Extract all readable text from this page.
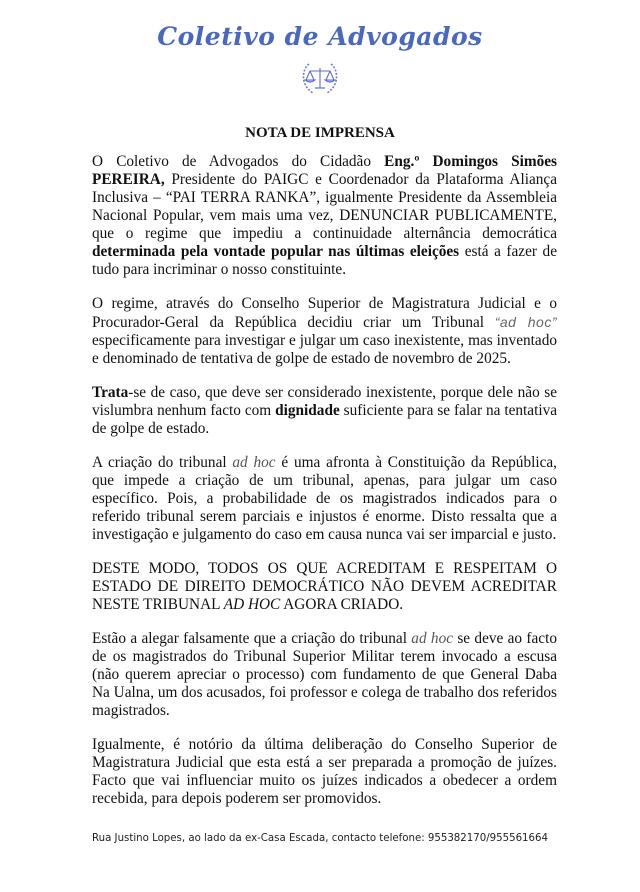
Coletivo de Advogados
NOTA DE IMPRENSA

O Coletivo de Advogados do Cidadão Eng.º Domingos Simões PEREIRA, Presidente do PAIGC e Coordenador da Plataforma Aliança Inclusiva – “PAI TERRA RANKA”, igualmente Presidente da Assembleia Nacional Popular, vem mais uma vez, DENUNCIAR PUBLICAMENTE, que o regime que impediu a continuidade alternância democrática determinada pela vontade popular nas últimas eleições está a fazer de tudo para incriminar o nosso constituinte.

O regime, através do Conselho Superior de Magistratura Judicial e o Procurador-Geral da República decidiu criar um Tribunal “ad hoc” especificamente para investigar e julgar um caso inexistente, mas inventado e denominado de tentativa de golpe de estado de novembro de 2025.

Trata-se de caso, que deve ser considerado inexistente, porque dele não se vislumbra nenhum facto com dignidade suficiente para se falar na tentativa de golpe de estado.

A criação do tribunal ad hoc é uma afronta à Constituição da República, que impede a criação de um tribunal, apenas, para julgar um caso específico. Pois, a probabilidade de os magistrados indicados para o referido tribunal serem parciais e injustos é enorme. Disto ressalta que a investigação e julgamento do caso em causa nunca vai ser imparcial e justo.

DESTE MODO, TODOS OS QUE ACREDITAM E RESPEITAM O ESTADO DE DIREITO DEMOCRÁTICO NÃO DEVEM ACREDITAR NESTE TRIBUNAL AD HOC AGORA CRIADO.

Estão a alegar falsamente que a criação do tribunal ad hoc se deve ao facto de os magistrados do Tribunal Superior Militar terem invocado a escusa (não querem apreciar o processo) com fundamento de que General Daba Na Ualna, um dos acusados, foi professor e colega de trabalho dos referidos magistrados.

Igualmente, é notório da última deliberação do Conselho Superior de Magistratura Judicial que esta está a ser preparada a promoção de juízes. Facto que vai influenciar muito os juízes indicados a obedecer a ordem recebida, para depois poderem ser promovidos.

Rua Justino Lopes, ao lado da ex-Casa Escada, contacto telefone: 955382170/955561664
